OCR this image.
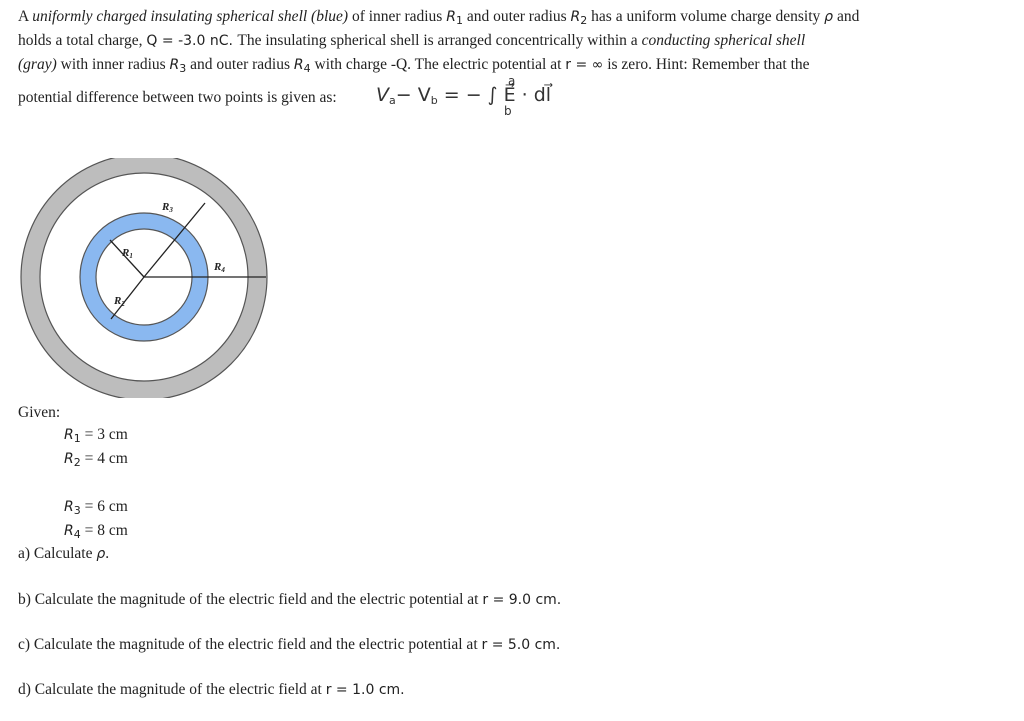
A uniformly charged insulating spherical shell (blue) of inner radius $R_1$ and outer radius $R_2$ has a uniform volume charge density ρ and
holds a total charge, Q = -3.0 nC. The insulating spherical shell is arranged concentrically within a conducting spherical shell
(gray) with inner radius $R_3$ and outer radius $R_4$ with charge -Q. The electric potential at r = ∞ is zero. Hint: Remember that the
potential difference between two points is given as: $V_a- V_b$ = − ∫
a
b
E⃗ · dl⃗
R1
R2
R3
R4
Given:
$R_1 = 3$ cm
$R_2 = 4$ cm
$R_3 = 6$ cm
$R_4 = 8$ cm
a) Calculate ρ.
b) Calculate the magnitude of the electric field and the electric potential at r = 9.0 cm.
c) Calculate the magnitude of the electric field and the electric potential at r = 5.0 cm.
d) Calculate the magnitude of the electric field at r = 1.0 cm.
